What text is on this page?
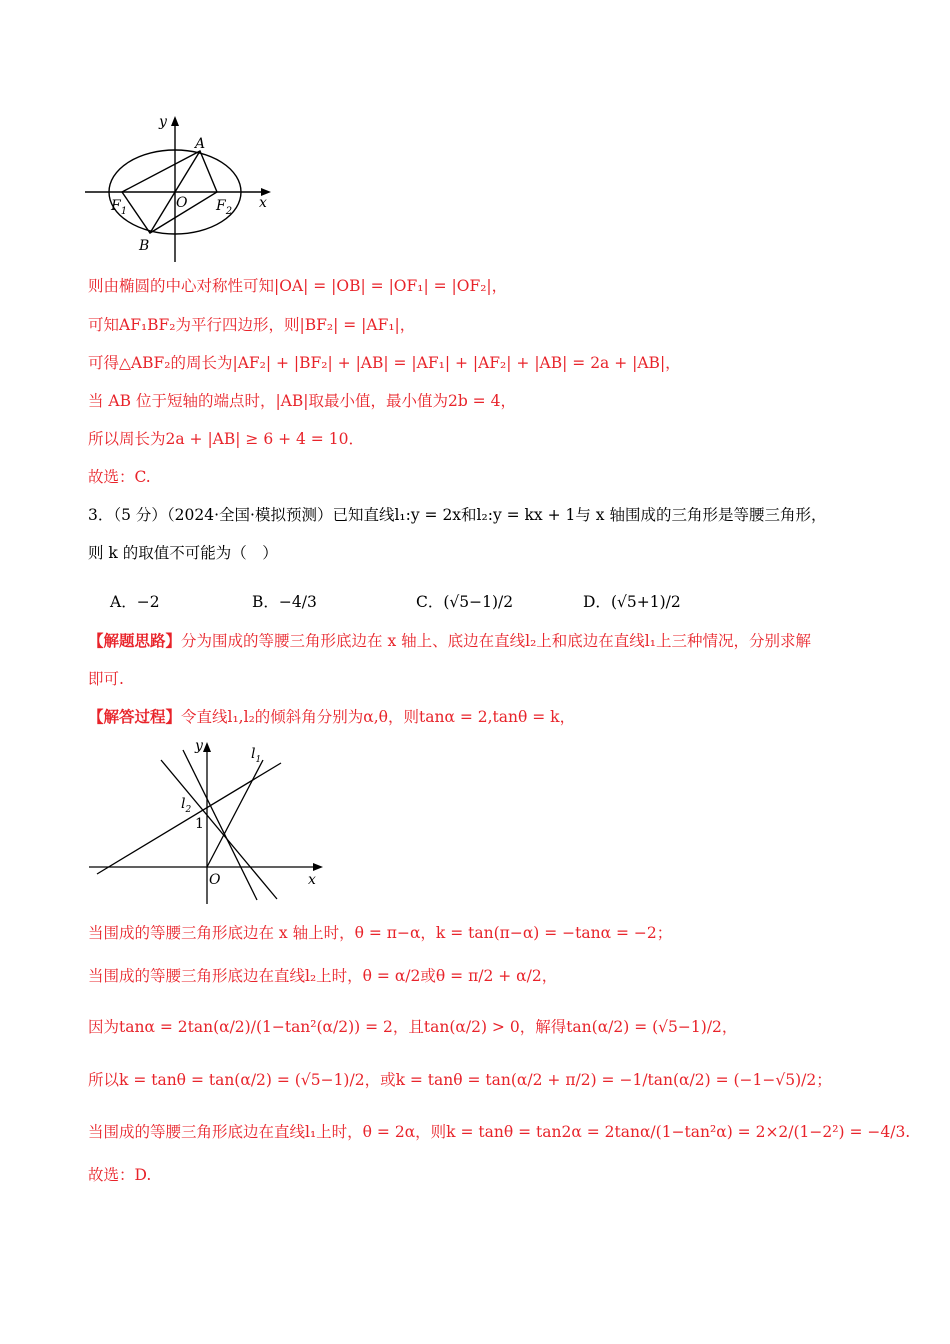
y
x
A
B
O
$F_1$	$F_2$
则由椭圆的中心对称性可知|OA| = |OB| = |OF₁| = |OF₂|，
可知AF₁BF₂为平行四边形，则|BF₂| = |AF₁|，
可得△ABF₂的周长为|AF₂| + |BF₂| + |AB| = |AF₁| + |AF₂| + |AB| = 2a + |AB|，
当 AB 位于短轴的端点时，|AB|取最小值，最小值为2b = 4，
所以周长为2a + |AB| ≥ 6 + 4 = 10．
故选：C.
3．（5 分）（2024·全国·模拟预测）已知直线l₁:y = 2x和l₂:y = kx + 1与 x 轴围成的三角形是等腰三角形，
则 k 的取值不可能为（　）
A．−2	B．−4/3	C．(√5−1)/2	D．(√5+1)/2
【解题思路】分为围成的等腰三角形底边在 x 轴上、底边在直线l₂上和底边在直线l₁上三种情况，分别求解
即可.
【解答过程】令直线l₁,l₂的倾斜角分别为α,θ，则tanα = 2,tanθ = k，
y
x
O
$l_1$
$l_2$
1
当围成的等腰三角形底边在 x 轴上时，θ = π−α，k = tan(π−α) = −tanα = −2；
当围成的等腰三角形底边在直线l₂上时，θ = α/2或θ = π/2 + α/2，
因为tanα = 2tan(α/2)/(1−tan²(α/2)) = 2，且tan(α/2) > 0，解得tan(α/2) = (√5−1)/2，
所以k = tanθ = tan(α/2) = (√5−1)/2，或k = tanθ = tan(α/2 + π/2) = −1/tan(α/2) = (−1−√5)/2；
当围成的等腰三角形底边在直线l₁上时，θ = 2α，则k = tanθ = tan2α = 2tanα/(1−tan²α) = 2×2/(1−2²) = −4/3.
故选：D.
